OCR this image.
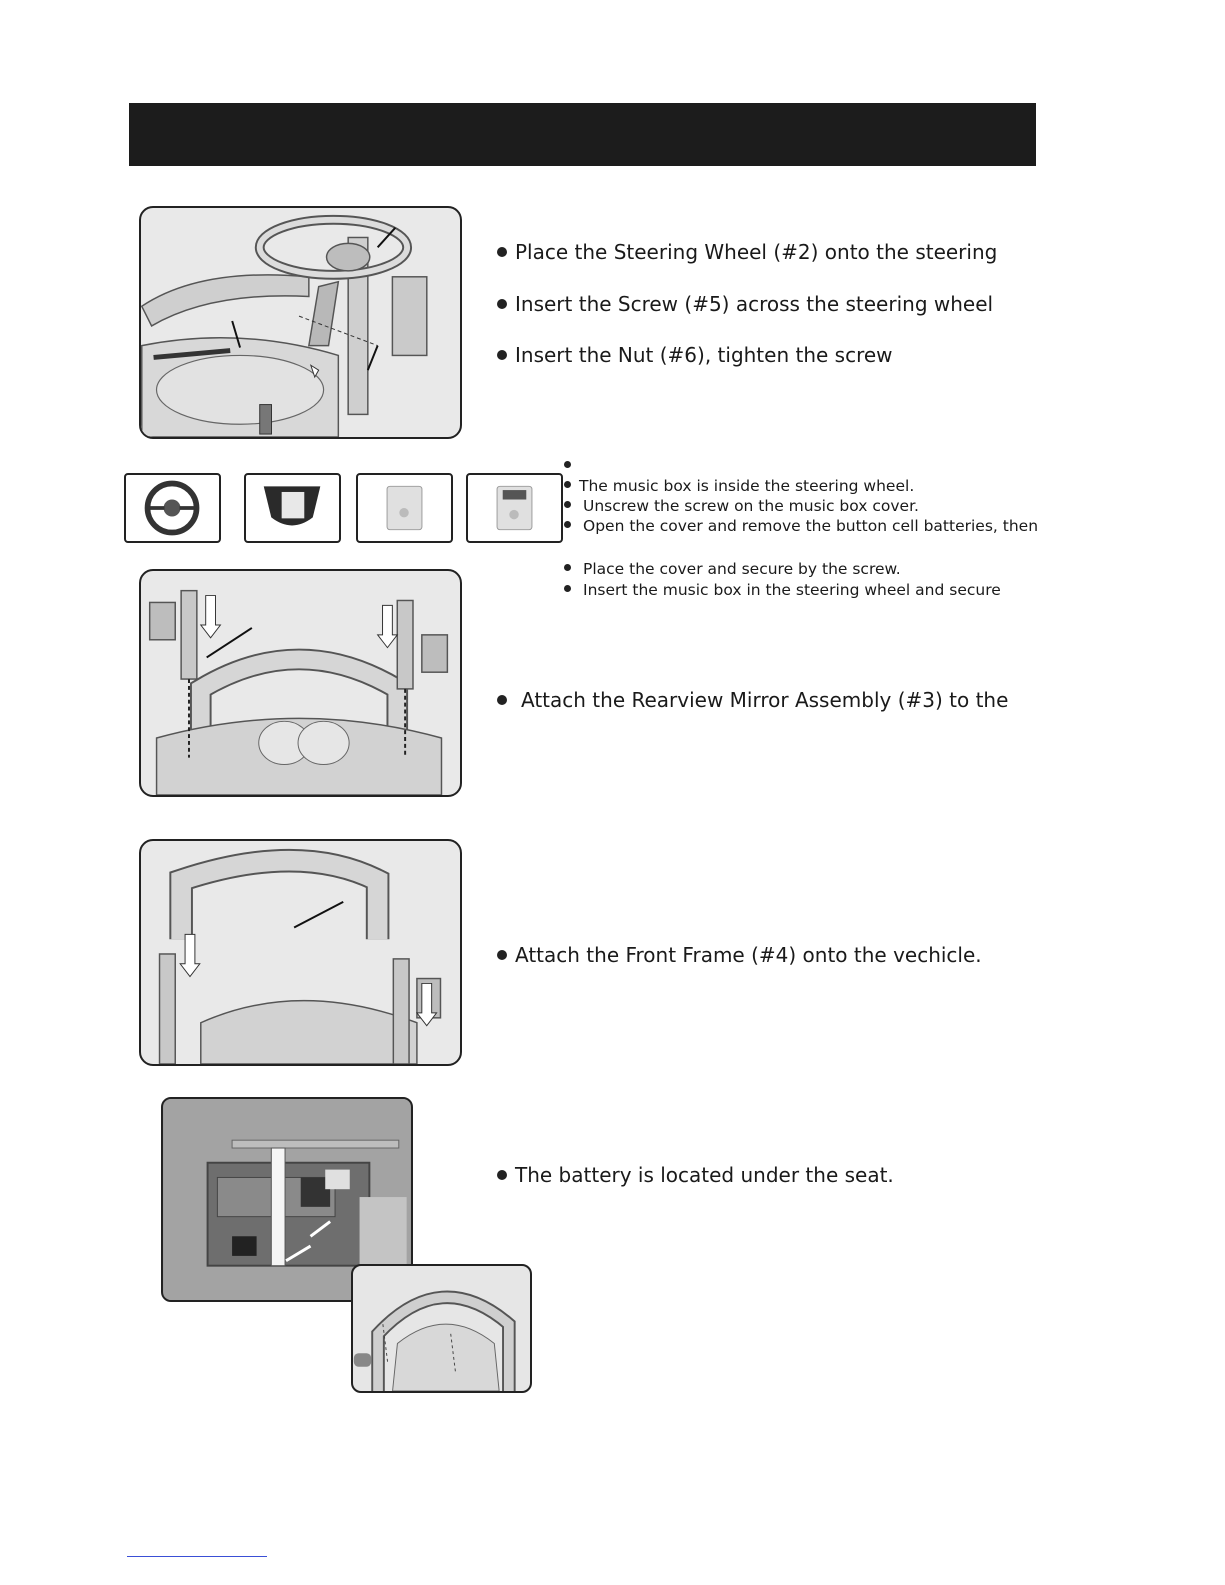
Place the Steering Wheel (#2) onto the steering
Insert the Screw (#5) across the steering wheel
Insert the Nut (#6), tighten the screw
The music box is inside the steering wheel.
Unscrew the screw on the music box cover.
Open the cover and remove the button cell batteries, then
Place the cover and secure by the screw.
Insert the music box in the steering wheel and secure
Attach the Rearview Mirror Assembly (#3) to the
Attach the Front Frame (#4) onto the vechicle.
The battery is located under the seat.
